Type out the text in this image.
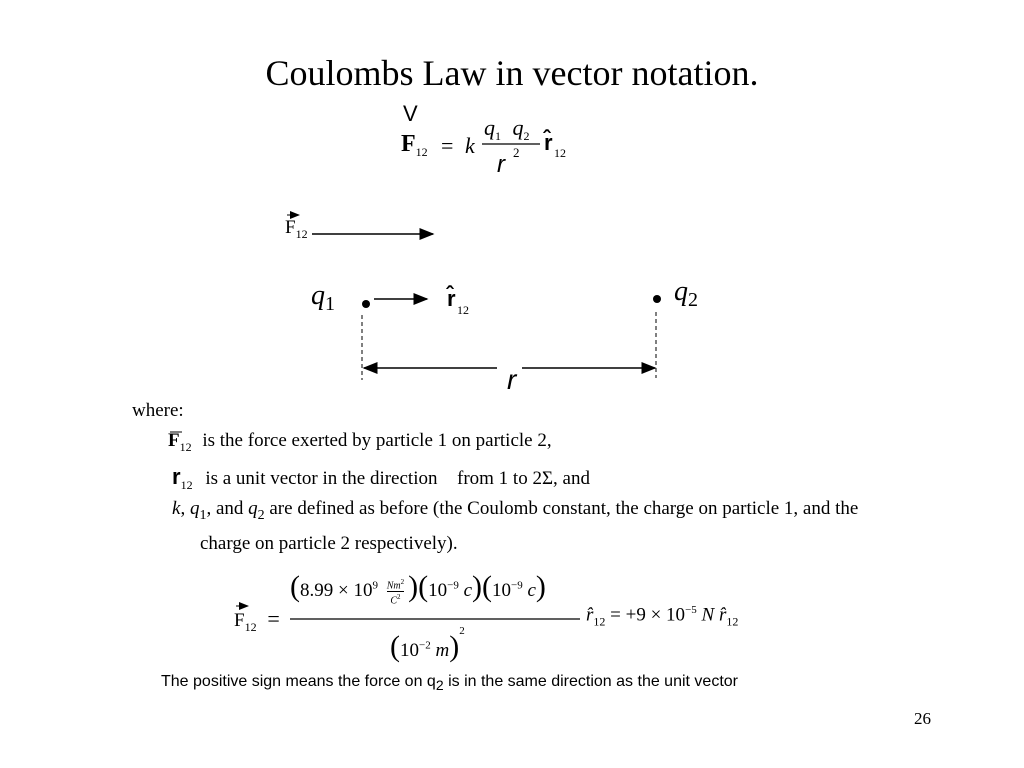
Coulombs Law in vector notation.
V
$F_{12} = k$
$q_1$ $q_2$
r 2 r̂ 12
$F_{12}$
$q_1$	$q_2$
r̂ 12
r
where:
$F_{12}$ is the force exerted by particle 1 on particle 2,
$r_{12}$ is a unit vector in the direction  from 1 to 2Σ, and
k, $q_1$, and $q_2$ are defined as before (the Coulomb constant, the charge on particle 1, and the
charge on particle 2 respectively).
$F_{12}$ =
$(8.99 \times 10^9 \frac{Nm^2}{C^2} )(10^{-9}$ $c)(10^{-9}$ c)
($10^{-2}$ m)$^2$
$r̂_{12} = +9 \times 10^{-5}$ N $r̂_{12}$
The positive sign means the force on q2 is in the same direction as the unit vector
26
